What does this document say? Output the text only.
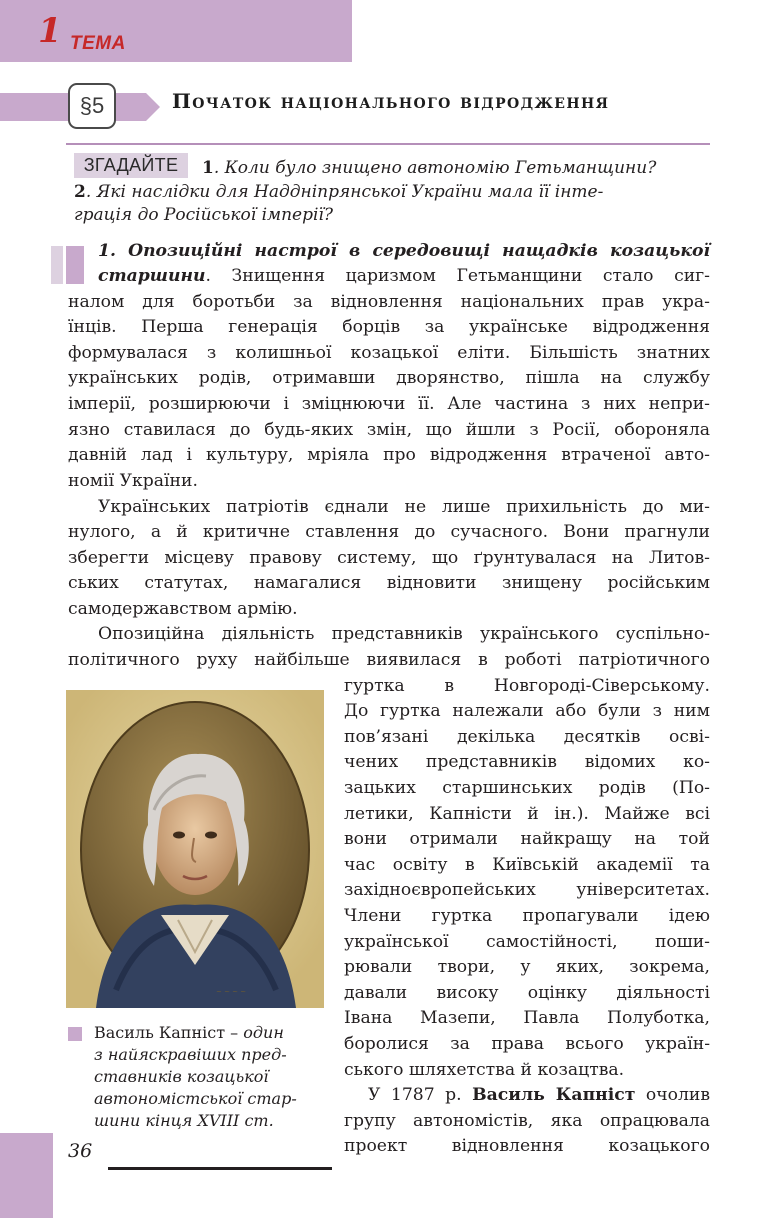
1 ТЕМА
§5	Початок національного відродження
ЗГАДАЙТЕ	1. Коли було знищено автономію Гетьманщини?
2. Які наслідки для Наддніпрянської України мала її інте-
грація до Російської імперії?
1. Опозиційні настрої в середовищі нащадків козацької
старшини. Знищення царизмом Гетьманщини стало сиг-
налом для боротьби за відновлення національних прав укра-
їнців. Перша генерація борців за українське відродження
формувалася з колишньої козацької еліти. Більшість знатних
українських родів, отримавши дворянство, пішла на службу
імперії, розширюючи і зміцнюючи її. Але частина з них непри-
язно ставилася до будь-яких змін, що йшли з Росії, обороняла
давній лад і культуру, мріяла про відродження втраченої авто-
номії України.
Українських патріотів єднали не лише прихильність до ми-
нулого, а й критичне ставлення до сучасного. Вони прагнули
зберегти місцеву правову систему, що ґрунтувалася на Литов-
ських статутах, намагалися відновити знищену російським
самодержавством армію.
Опозиційна діяльність представників українського суспільно-
політичного руху найбільше виявилася в роботі патріотичного
гуртка в Новгороді-Сіверському.
До гуртка належали або були з ним
пов’язані декілька десятків осві-
чених представників відомих ко-
зацьких старшинських родів (По-
летики, Капністи й ін.). Майже всі
вони отримали найкращу на той
час освіту в Київській академії та
західноєвропейських університетах.
Члени гуртка пропагували ідею
української самостійності, поши-
рювали твори, у яких, зокрема,
давали високу оцінку діяльності
Івана Мазепи, Павла Полуботка,
боролися за права всього україн-
ського шляхетства й козацтва.
У 1787 р. Василь Капніст очолив
групу автономістів, яка опрацювала
проект відновлення козацького
~ ~ ~ ~
Василь Капніст – один
з найяскравіших пред-
ставників козацької
автономістської стар-
шини кінця XVIII ст.
36
